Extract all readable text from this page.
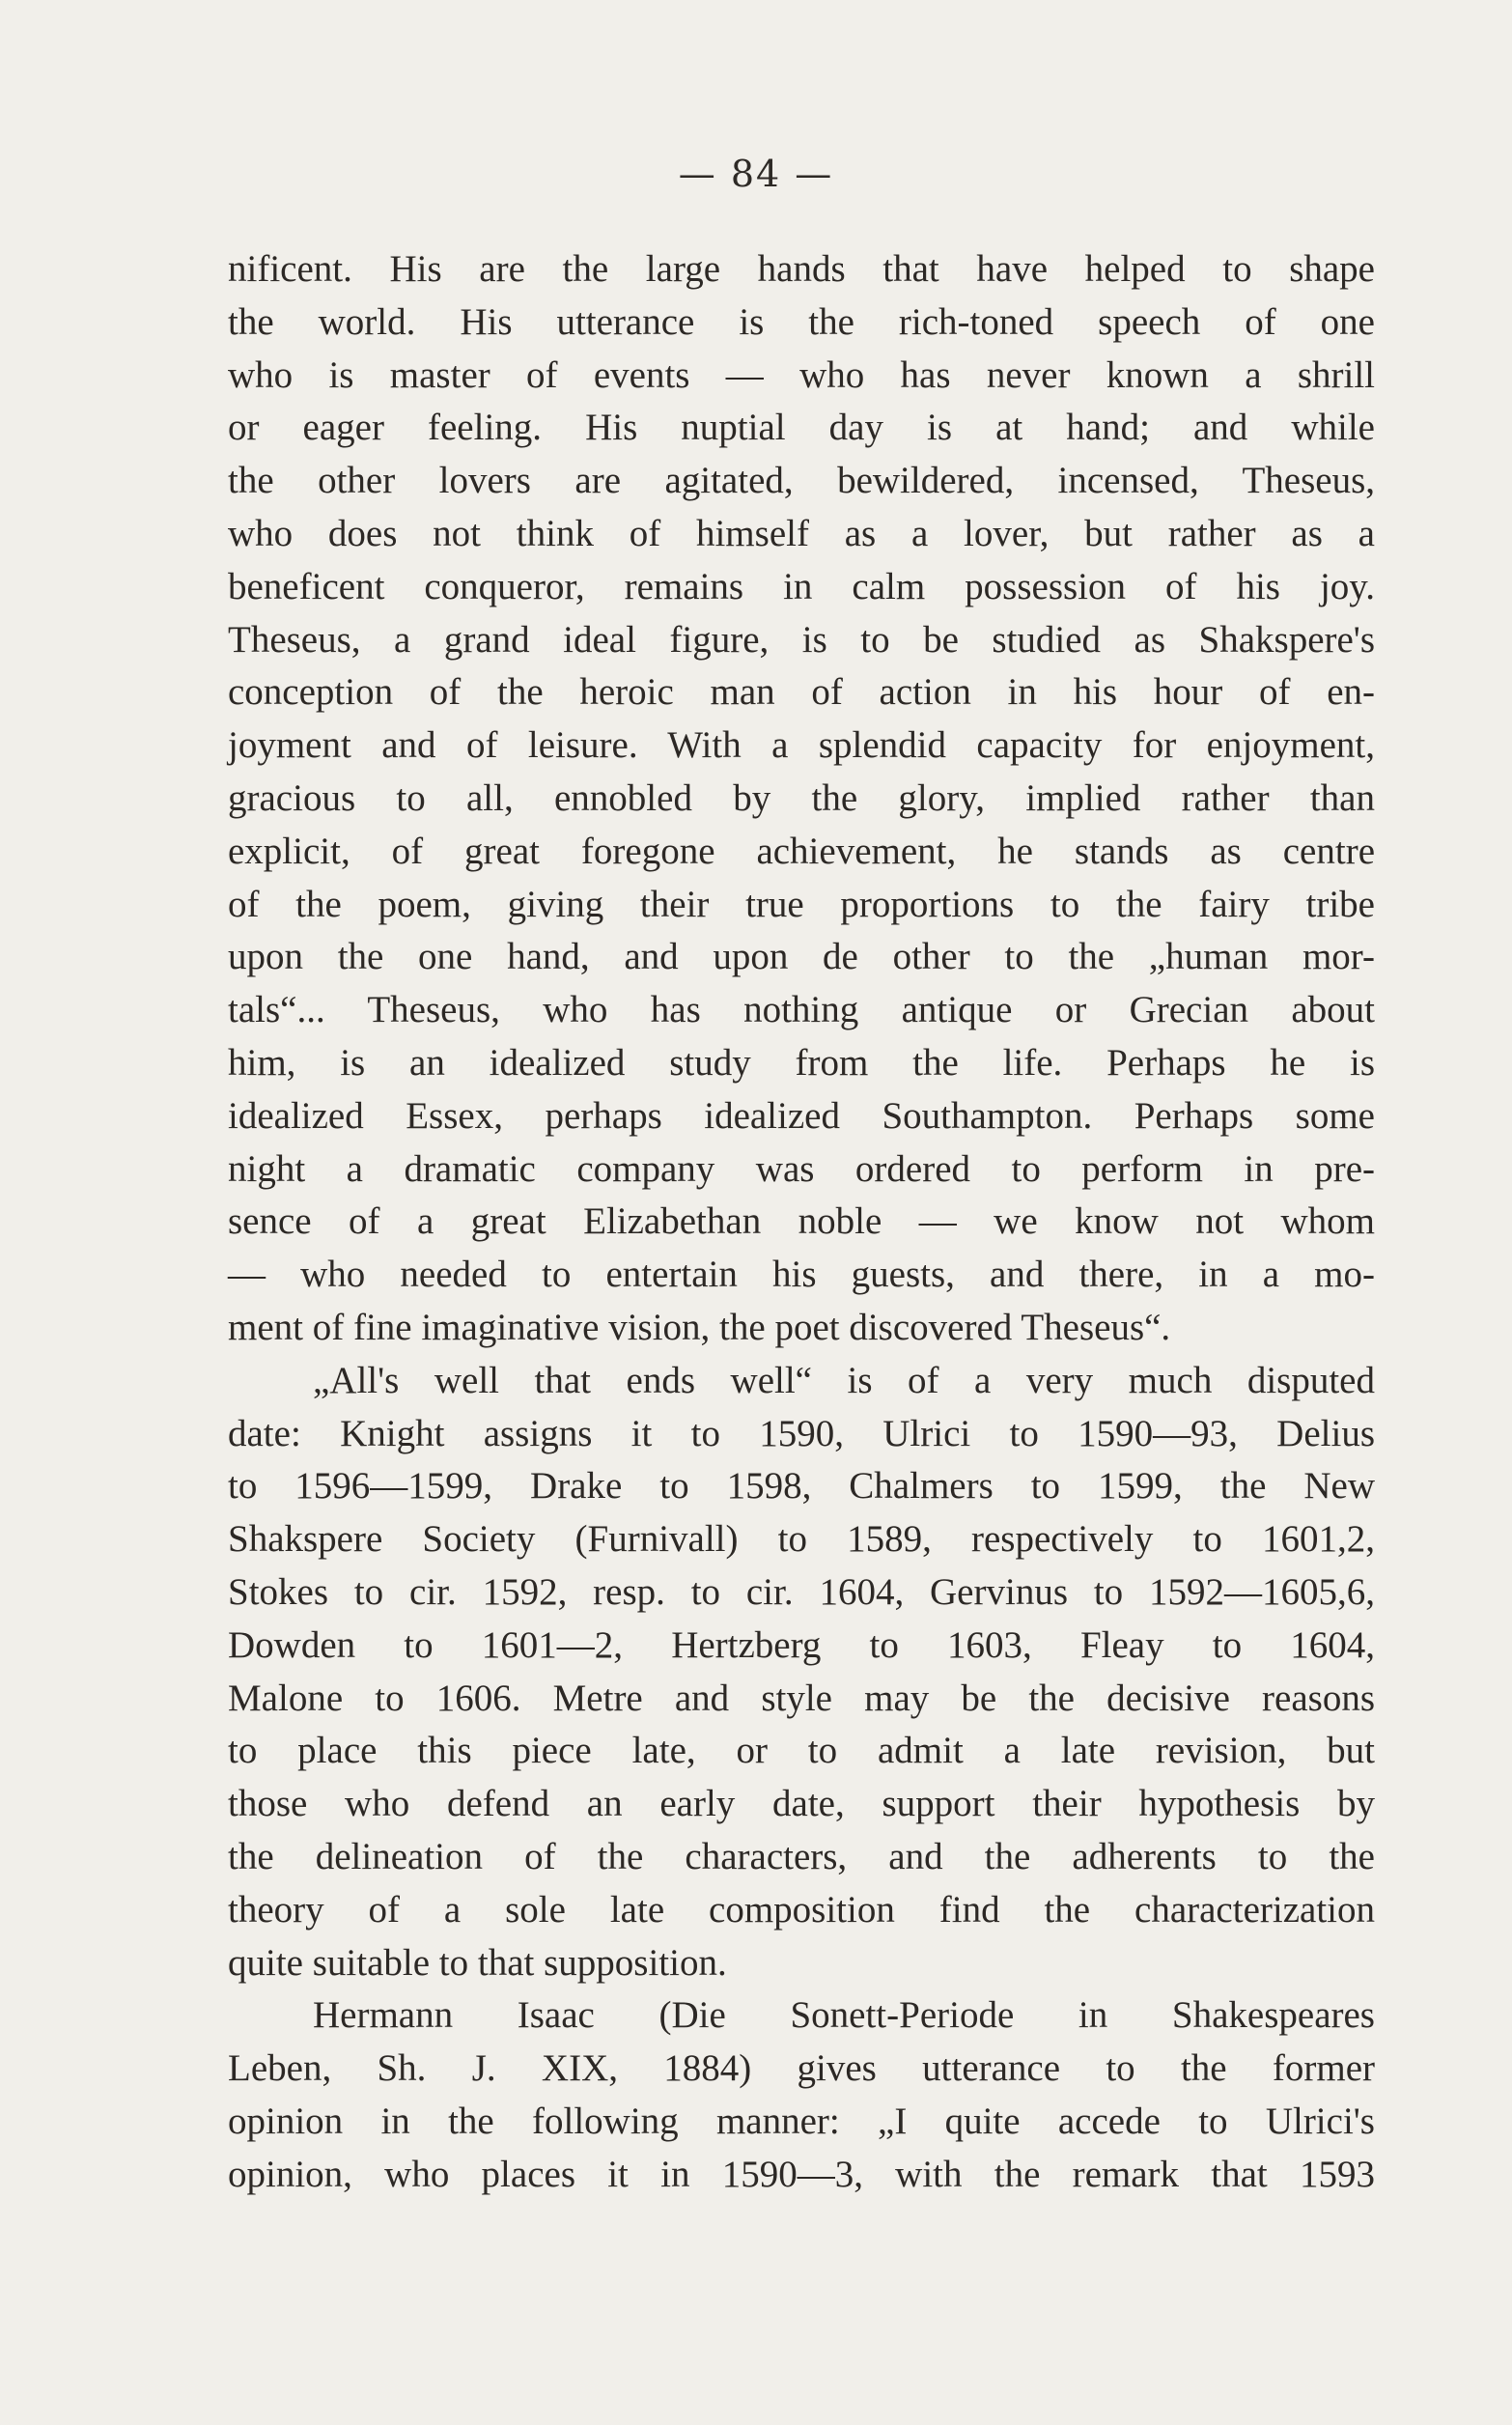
— 84 —
nificent. His are the large hands that have helped to shape
the world. His utterance is the rich-toned speech of one
who is master of events — who has never known a shrill
or eager feeling. His nuptial day is at hand; and while
the other lovers are agitated, bewildered, incensed, Theseus,
who does not think of himself as a lover, but rather as a
beneficent conqueror, remains in calm possession of his joy.
Theseus, a grand ideal figure, is to be studied as Shakspere's
conception of the heroic man of action in his hour of en-
joyment and of leisure. With a splendid capacity for enjoyment,
gracious to all, ennobled by the glory, implied rather than
explicit, of great foregone achievement, he stands as centre
of the poem, giving their true proportions to the fairy tribe
upon the one hand, and upon de other to the „human mor-
tals“... Theseus, who has nothing antique or Grecian about
him, is an idealized study from the life. Perhaps he is
idealized Essex, perhaps idealized Southampton. Perhaps some
night a dramatic company was ordered to perform in pre-
sence of a great Elizabethan noble — we know not whom
— who needed to entertain his guests, and there, in a mo-
ment of fine imaginative vision, the poet discovered Theseus“.
„All's well that ends well“ is of a very much disputed
date: Knight assigns it to 1590, Ulrici to 1590—93, Delius
to 1596—1599, Drake to 1598, Chalmers to 1599, the New
Shakspere Society (Furnivall) to 1589, respectively to 1601,2,
Stokes to cir. 1592, resp. to cir. 1604, Gervinus to 1592—1605,6,
Dowden to 1601—2, Hertzberg to 1603, Fleay to 1604,
Malone to 1606. Metre and style may be the decisive reasons
to place this piece late, or to admit a late revision, but
those who defend an early date, support their hypothesis by
the delineation of the characters, and the adherents to the
theory of a sole late composition find the characterization
quite suitable to that supposition.
Hermann Isaac (Die Sonett-Periode in Shakespeares
Leben, Sh. J. XIX, 1884) gives utterance to the former
opinion in the following manner: „I quite accede to Ulrici's
opinion, who places it in 1590—3, with the remark that 1593
